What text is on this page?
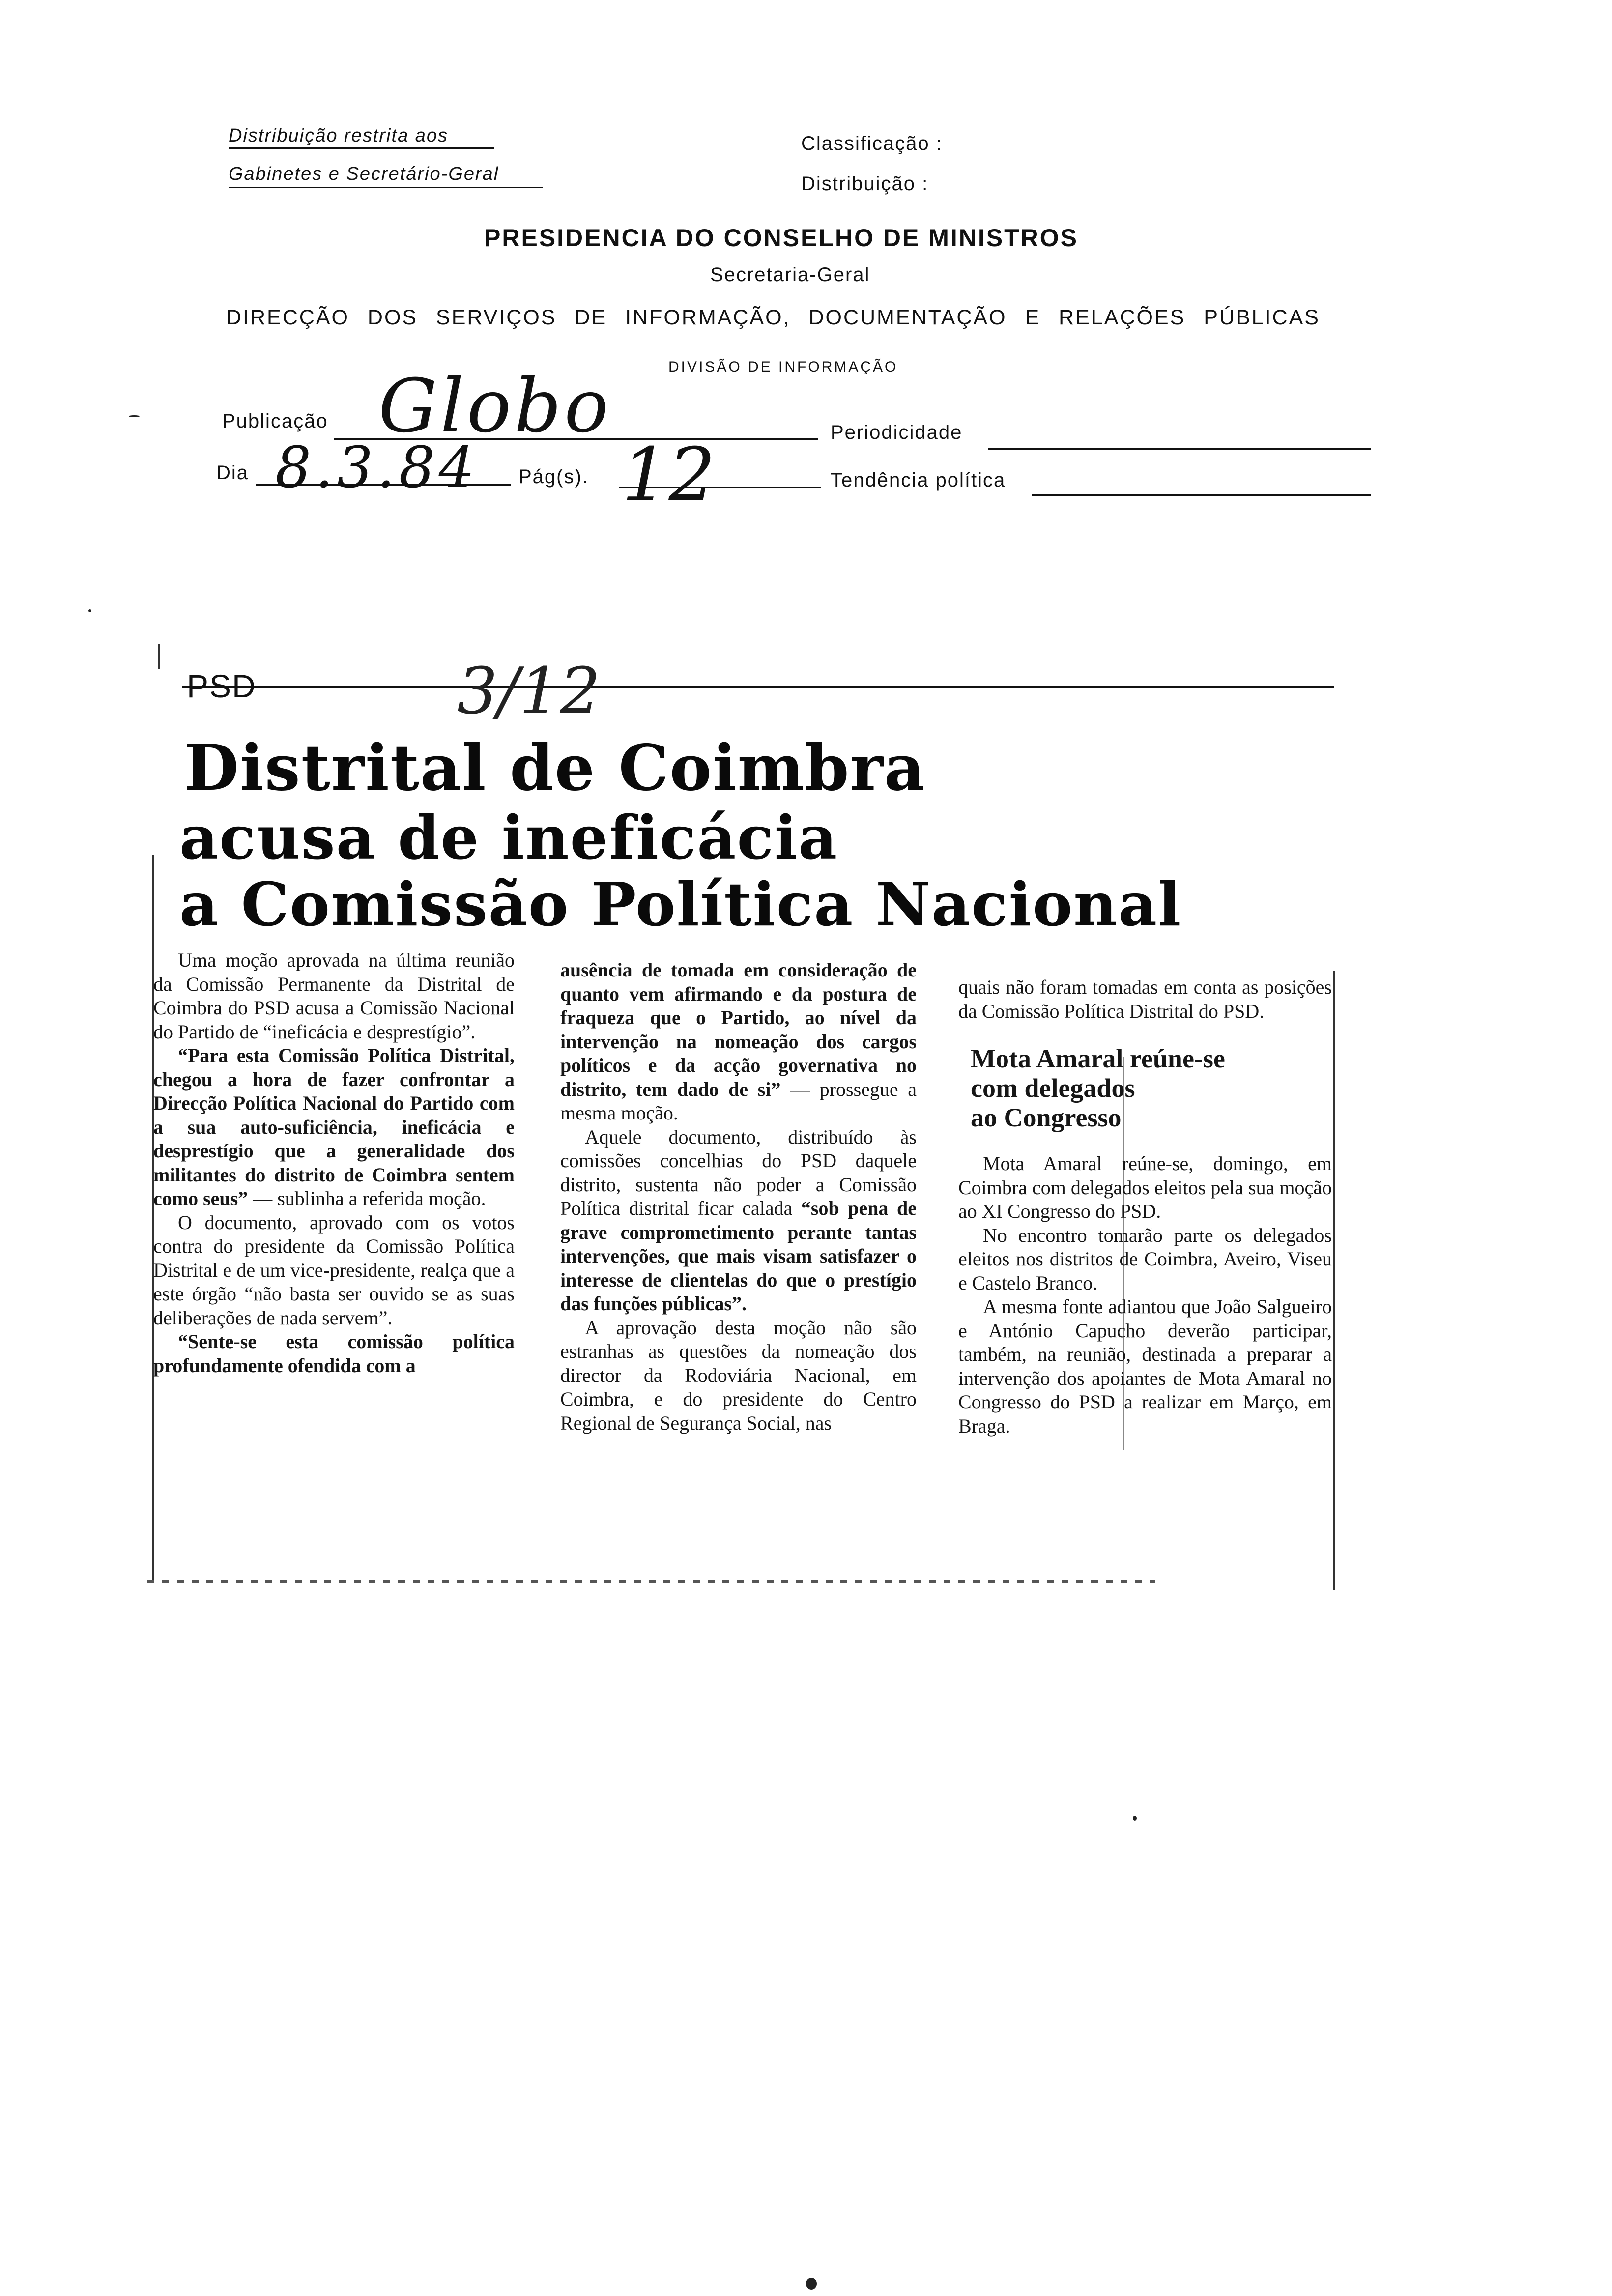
Distribuição restrita aos
Gabinetes e Secretário-Geral
Classificação :
Distribuição :
PRESIDENCIA DO CONSELHO DE MINISTROS
Secretaria-Geral
DIRECÇÃO DOS SERVIÇOS DE INFORMAÇÃO, DOCUMENTAÇÃO E RELAÇÕES PÚBLICAS
DIVISÃO DE INFORMAÇÃO
Publicação Globo	Periodicidade
Dia 8.3.84 Pág(s). 12	Tendência política
PSD	3/12
Distrital de Coimbra
acusa de ineficácia
a Comissão Política Nacional

Uma moção aprovada na última reunião da Comissão Permanente da Distrital de Coimbra do PSD acusa a Comissão Nacional do Partido de “ineficácia e desprestígio”.

“Para esta Comissão Política Distrital, chegou a hora de fazer confrontar a Direcção Política Nacional do Partido com a sua auto-suficiência, ineficácia e desprestígio que a generalidade dos militantes do distrito de Coimbra sentem como seus” — sublinha a referida moção.

O documento, aprovado com os votos contra do presidente da Comissão Política Distrital e de um vice-presidente, realça que a este órgão “não basta ser ouvido se as suas deliberações de nada servem”.

“Sente-se esta comissão política profundamente ofendida com a

ausência de tomada em consideração de quanto vem afirmando e da postura de fraqueza que o Partido, ao nível da intervenção na nomeação dos cargos políticos e da acção governativa no distrito, tem dado de si” — prosseguе a mesma moção.

Aquele documento, distribuído às comissões concelhias do PSD daquele distrito, sustenta não poder a Comissão Política distrital ficar calada “sob pena de grave comprometimento perante tantas intervenções, que mais visam satisfazer o interesse de clientelas do que o prestígio das funções públicas”.

A aprovação desta moção não são estranhas as questões da nomeação dos director da Rodoviária Nacional, em Coimbra, e do presidente do Centro Regional de Segurança Social, nas

quais não foram tomadas em conta as posições da Comissão Política Distrital do PSD.

Mota Amaral reúne-se
com delegados
ao Congresso

Mota Amaral reúne-se, domingo, em Coimbra com delegados eleitos pela sua moção ao XI Congresso do PSD.

No encontro tomarão parte os delegados eleitos nos distritos de Coimbra, Aveiro, Viseu e Castelo Branco.

A mesma fonte adiantou que João Salgueiro e António Capucho deverão participar, também, na reunião, destinada a preparar a intervenção dos apoiantes de Mota Amaral no Congresso do PSD a realizar em Março, em Braga.
